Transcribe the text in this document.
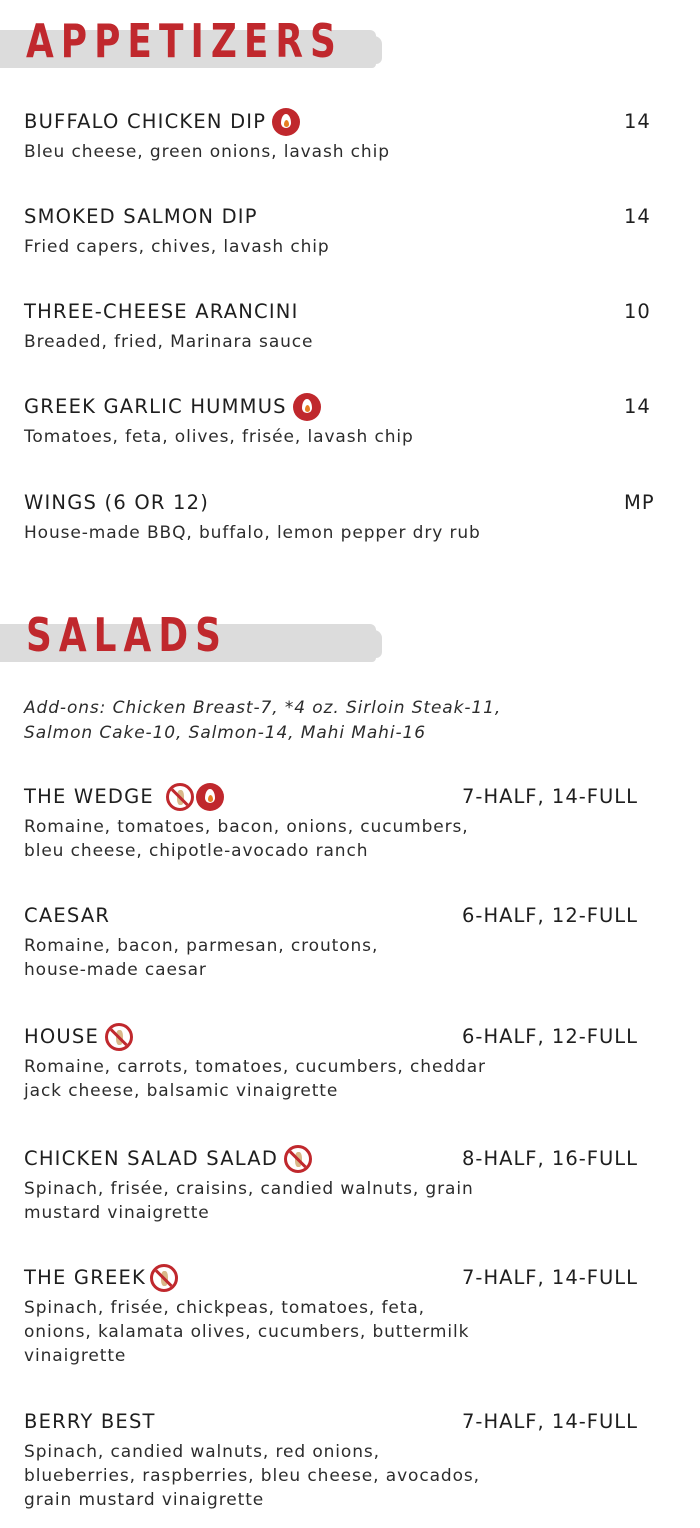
APPETIZERS
BUFFALO CHICKEN DIP	14
Bleu cheese, green onions, lavash chip
SMOKED SALMON DIP	14
Fried capers, chives, lavash chip
THREE-CHEESE ARANCINI	10
Breaded, fried, Marinara sauce
GREEK GARLIC HUMMUS	14
Tomatoes, feta, olives, frisée, lavash chip
WINGS (6 OR 12)	MP
House-made BBQ, buffalo, lemon pepper dry rub
SALADS
Add-ons: Chicken Breast-7, *4 oz. Sirloin Steak-11,
Salmon Cake-10, Salmon-14, Mahi Mahi-16
THE WEDGE	7-HALF, 14-FULL
Romaine, tomatoes, bacon, onions, cucumbers,
bleu cheese, chipotle-avocado ranch
CAESAR	6-HALF, 12-FULL
Romaine, bacon, parmesan, croutons,
house-made caesar
HOUSE	6-HALF, 12-FULL
Romaine, carrots, tomatoes, cucumbers, cheddar
jack cheese, balsamic vinaigrette
CHICKEN SALAD SALAD	8-HALF, 16-FULL
Spinach, frisée, craisins, candied walnuts, grain
mustard vinaigrette
THE GREEK	7-HALF, 14-FULL
Spinach, frisée, chickpeas, tomatoes, feta,
onions, kalamata olives, cucumbers, buttermilk
vinaigrette
BERRY BEST	7-HALF, 14-FULL
Spinach, candied walnuts, red onions,
blueberries, raspberries, bleu cheese, avocados,
grain mustard vinaigrette
